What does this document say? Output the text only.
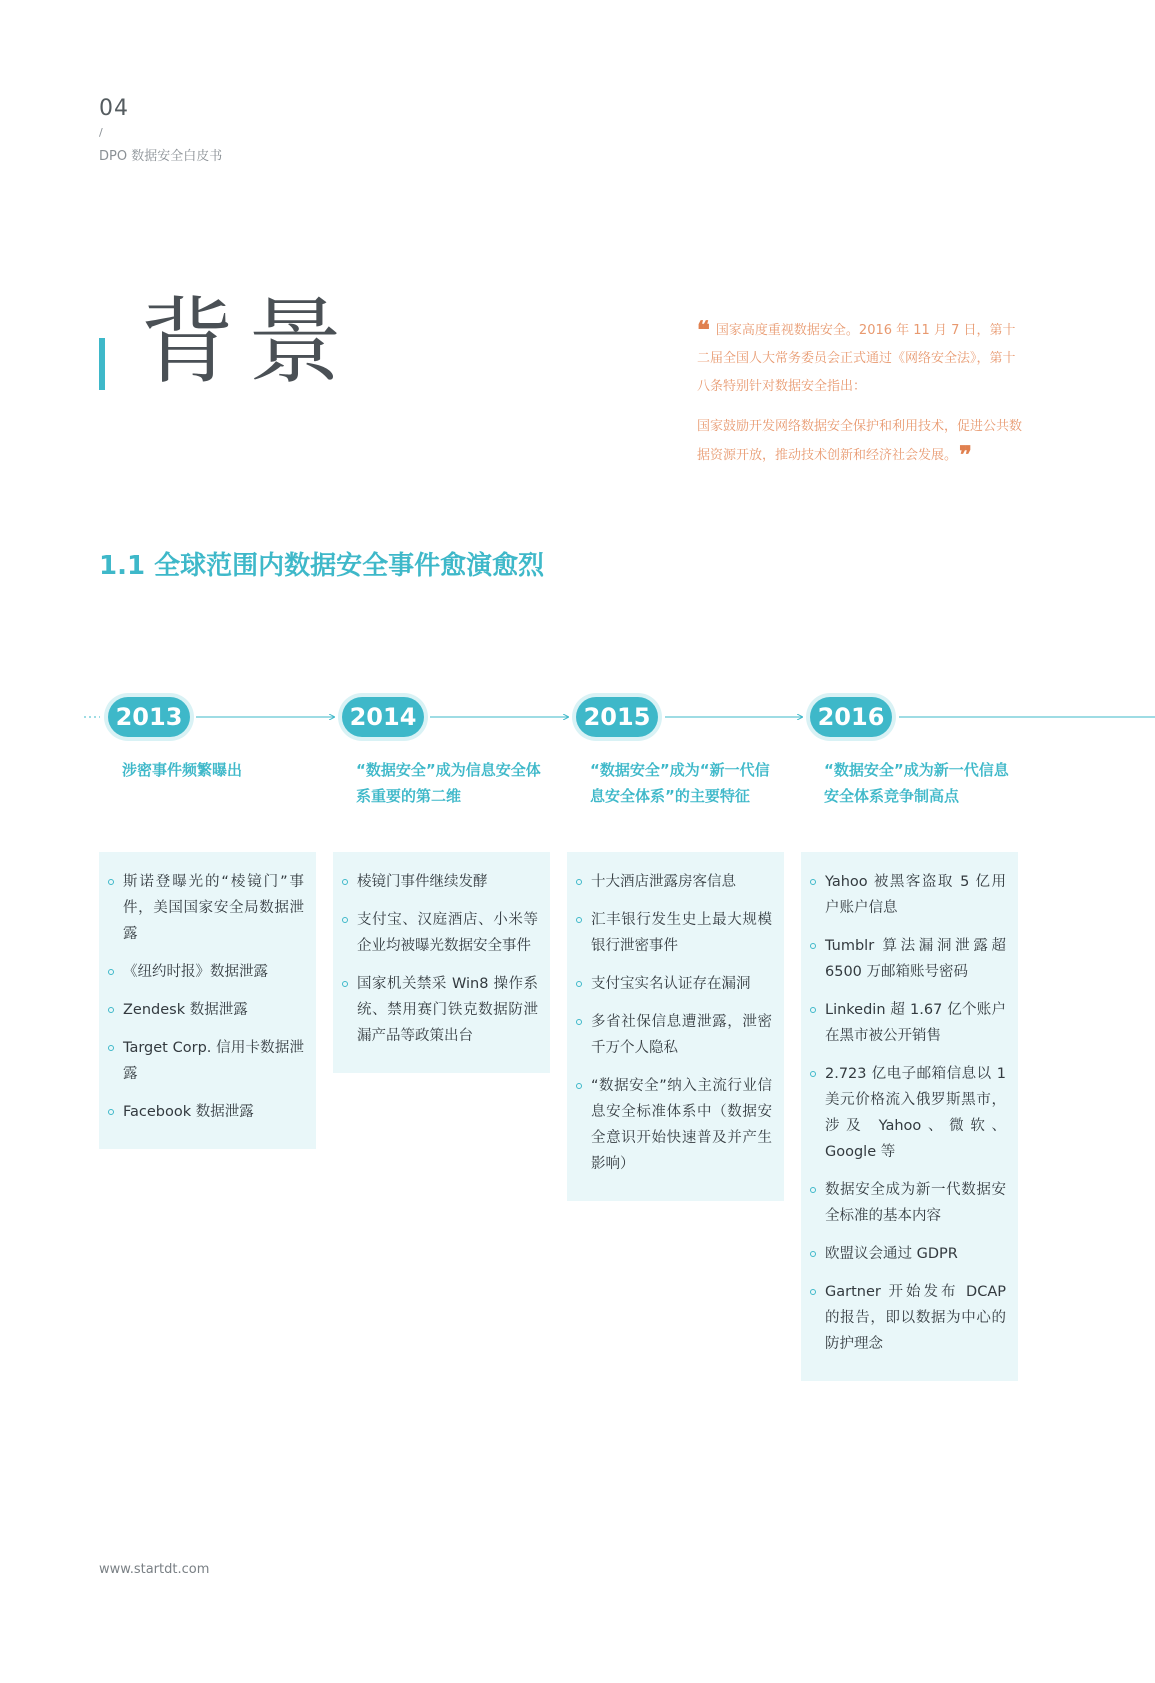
04
/
DPO 数据安全白皮书
背景	❝ 国家高度重视数据安全。2016 年 11 月 7 日，第十二届全国人大常务委员会正式通过《网络安全法》，第十八条特别针对数据安全指出：

国家鼓励开发网络数据安全保护和利用技术，促进公共数据资源开放，推动技术创新和经济社会发展。❞

1.1 全球范围内数据安全事件愈演愈烈
2013
涉密事件频繁曝出
斯诺登曝光的“棱镜门”事件，美国国家安全局数据泄露
《纽约时报》数据泄露
Zendesk 数据泄露
Target Corp. 信用卡数据泄露
Facebook 数据泄露
2014
“数据安全”成为信息安全体系重要的第二维
棱镜门事件继续发酵
支付宝、汉庭酒店、小米等企业均被曝光数据安全事件
国家机关禁采 Win8 操作系统、禁用赛门铁克数据防泄漏产品等政策出台
2015
“数据安全”成为“新一代信息安全体系”的主要特征
十大酒店泄露房客信息
汇丰银行发生史上最大规模银行泄密事件
支付宝实名认证存在漏洞
多省社保信息遭泄露，泄密千万个人隐私
“数据安全”纳入主流行业信息安全标准体系中（数据安全意识开始快速普及并产生影响）
2016
“数据安全”成为新一代信息安全体系竞争制高点
Yahoo 被黑客盗取 5 亿用户账户信息
Tumblr 算法漏洞泄露超 6500 万邮箱账号密码
Linkedin 超 1.67 亿个账户在黑市被公开销售
2.723 亿电子邮箱信息以 1 美元价格流入俄罗斯黑市，涉及 Yahoo、微软、Google 等
数据安全成为新一代数据安全标准的基本内容
欧盟议会通过 GDPR
Gartner 开始发布 DCAP 的报告，即以数据为中心的防护理念
www.startdt.com
